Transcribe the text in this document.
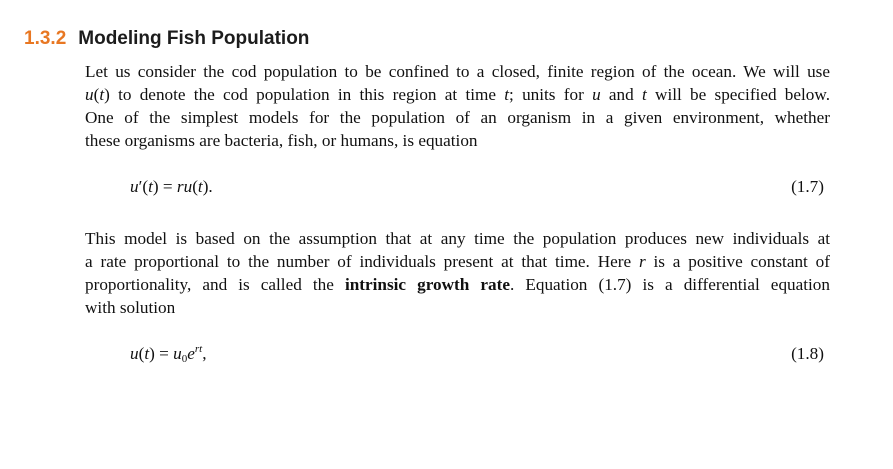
1.3.2 Modeling Fish Population
Let us consider the cod population to be confined to a closed, finite region of the ocean. We will use
u(t) to denote the cod population in this region at time t; units for u and t will be specified below.
One of the simplest models for the population of an organism in a given environment, whether
these organisms are bacteria, fish, or humans, is equation
u′(t) = ru(t).	(1.7)
This model is based on the assumption that at any time the population produces new individuals at
a rate proportional to the number of individuals present at that time. Here r is a positive constant of
proportionality, and is called the intrinsic growth rate. Equation (1.7) is a differential equation
with solution
$u(t) = u_0e^{rt}$,	(1.8)
